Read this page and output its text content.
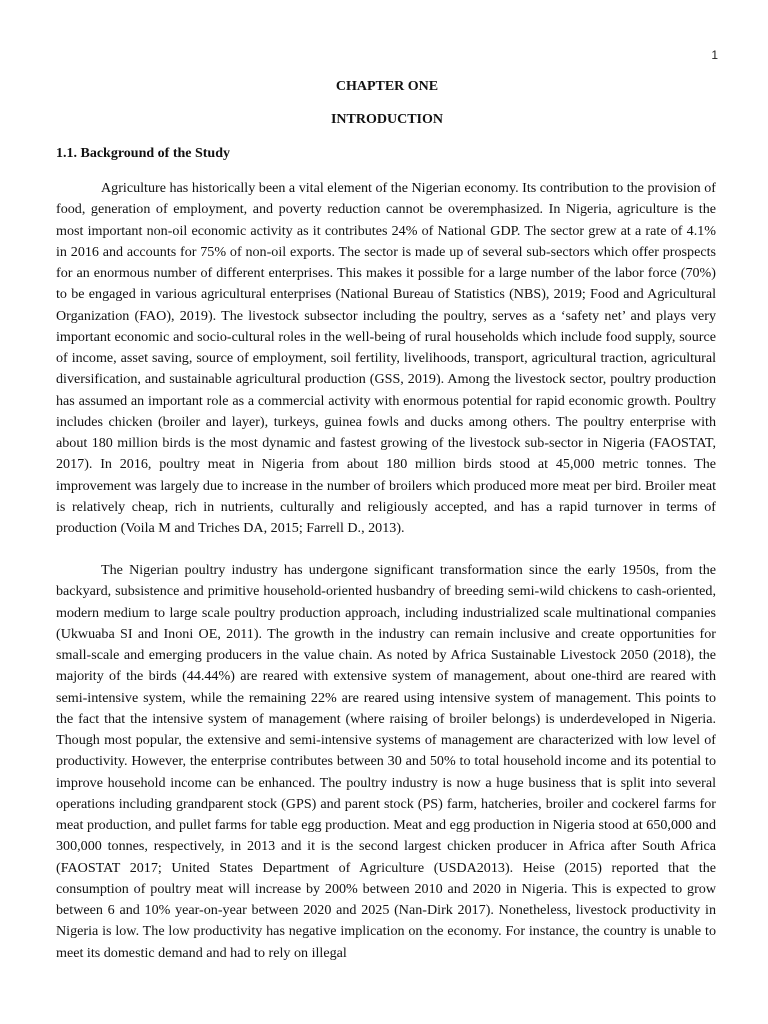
1
CHAPTER ONE
INTRODUCTION
1.1. Background of the Study

Agriculture has historically been a vital element of the Nigerian economy. Its contribution to the provision of food, generation of employment, and poverty reduction cannot be overemphasized. In Nigeria, agriculture is the most important non-oil economic activity as it contributes 24% of National GDP. The sector grew at a rate of 4.1% in 2016 and accounts for 75% of non-oil exports. The sector is made up of several sub-sectors which offer prospects for an enormous number of different enterprises. This makes it possible for a large number of the labor force (70%) to be engaged in various agricultural enterprises (National Bureau of Statistics (NBS), 2019; Food and Agricultural Organization (FAO), 2019). The livestock subsector including the poultry, serves as a ‘safety net’ and plays very important economic and socio-cultural roles in the well-being of rural households which include food supply, source of income, asset saving, source of employment, soil fertility, livelihoods, transport, agricultural traction, agricultural diversification, and sustainable agricultural production (GSS, 2019). Among the livestock sector, poultry production has assumed an important role as a commercial activity with enormous potential for rapid economic growth. Poultry includes chicken (broiler and layer), turkeys, guinea fowls and ducks among others. The poultry enterprise with about 180 million birds is the most dynamic and fastest growing of the livestock sub-sector in Nigeria (FAOSTAT, 2017). In 2016, poultry meat in Nigeria from about 180 million birds stood at 45,000 metric tonnes. The improvement was largely due to increase in the number of broilers which produced more meat per bird. Broiler meat is relatively cheap, rich in nutrients, culturally and religiously accepted, and has a rapid turnover in terms of production (Voila M and Triches DA, 2015; Farrell D., 2013).

The Nigerian poultry industry has undergone significant transformation since the early 1950s, from the backyard, subsistence and primitive household-oriented husbandry of breeding semi-wild chickens to cash-oriented, modern medium to large scale poultry production approach, including industrialized scale multinational companies (Ukwuaba SI and Inoni OE, 2011). The growth in the industry can remain inclusive and create opportunities for small-scale and emerging producers in the value chain. As noted by Africa Sustainable Livestock 2050 (2018), the majority of the birds (44.44%) are reared with extensive system of management, about one-third are reared with semi-intensive system, while the remaining 22% are reared using intensive system of management. This points to the fact that the intensive system of management (where raising of broiler belongs) is underdeveloped in Nigeria. Though most popular, the extensive and semi-intensive systems of management are characterized with low level of productivity. However, the enterprise contributes between 30 and 50% to total household income and its potential to improve household income can be enhanced. The poultry industry is now a huge business that is split into several operations including grandparent stock (GPS) and parent stock (PS) farm, hatcheries, broiler and cockerel farms for meat production, and pullet farms for table egg production. Meat and egg production in Nigeria stood at 650,000 and 300,000 tonnes, respectively, in 2013 and it is the second largest chicken producer in Africa after South Africa (FAOSTAT 2017; United States Department of Agriculture (USDA2013). Heise (2015) reported that the consumption of poultry meat will increase by 200% between 2010 and 2020 in Nigeria. This is expected to grow between 6 and 10% year-on-year between 2020 and 2025 (Nan-Dirk 2017). Nonetheless, livestock productivity in Nigeria is low. The low productivity has negative implication on the economy. For instance, the country is unable to meet its domestic demand and had to rely on illegal
